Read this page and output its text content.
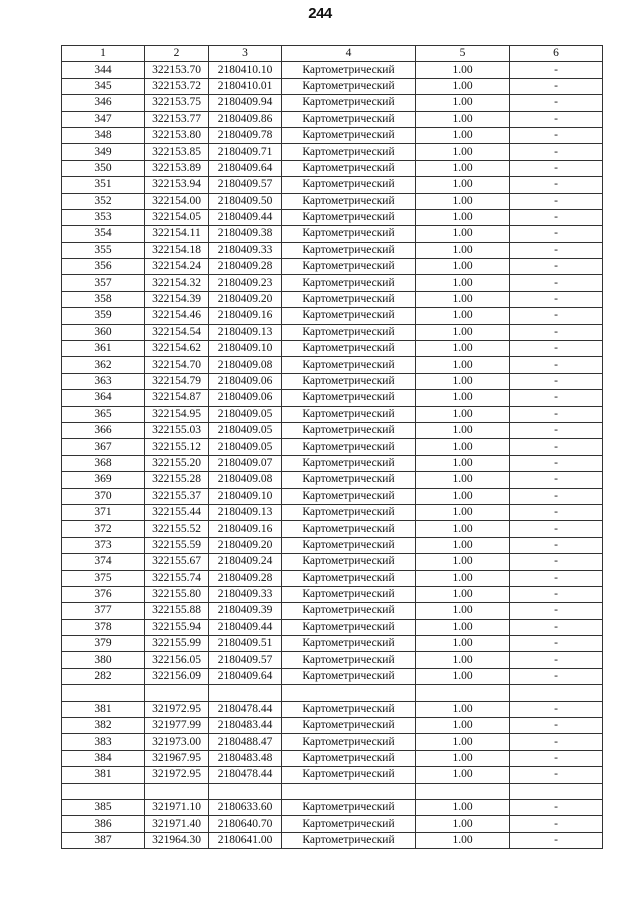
244
1	2	3	4	5	6
344	322153.70	2180410.10	Картометрический	1.00	-
345	322153.72	2180410.01	Картометрический	1.00	-
346	322153.75	2180409.94	Картометрический	1.00	-
347	322153.77	2180409.86	Картометрический	1.00	-
348	322153.80	2180409.78	Картометрический	1.00	-
349	322153.85	2180409.71	Картометрический	1.00	-
350	322153.89	2180409.64	Картометрический	1.00	-
351	322153.94	2180409.57	Картометрический	1.00	-
352	322154.00	2180409.50	Картометрический	1.00	-
353	322154.05	2180409.44	Картометрический	1.00	-
354	322154.11	2180409.38	Картометрический	1.00	-
355	322154.18	2180409.33	Картометрический	1.00	-
356	322154.24	2180409.28	Картометрический	1.00	-
357	322154.32	2180409.23	Картометрический	1.00	-
358	322154.39	2180409.20	Картометрический	1.00	-
359	322154.46	2180409.16	Картометрический	1.00	-
360	322154.54	2180409.13	Картометрический	1.00	-
361	322154.62	2180409.10	Картометрический	1.00	-
362	322154.70	2180409.08	Картометрический	1.00	-
363	322154.79	2180409.06	Картометрический	1.00	-
364	322154.87	2180409.06	Картометрический	1.00	-
365	322154.95	2180409.05	Картометрический	1.00	-
366	322155.03	2180409.05	Картометрический	1.00	-
367	322155.12	2180409.05	Картометрический	1.00	-
368	322155.20	2180409.07	Картометрический	1.00	-
369	322155.28	2180409.08	Картометрический	1.00	-
370	322155.37	2180409.10	Картометрический	1.00	-
371	322155.44	2180409.13	Картометрический	1.00	-
372	322155.52	2180409.16	Картометрический	1.00	-
373	322155.59	2180409.20	Картометрический	1.00	-
374	322155.67	2180409.24	Картометрический	1.00	-
375	322155.74	2180409.28	Картометрический	1.00	-
376	322155.80	2180409.33	Картометрический	1.00	-
377	322155.88	2180409.39	Картометрический	1.00	-
378	322155.94	2180409.44	Картометрический	1.00	-
379	322155.99	2180409.51	Картометрический	1.00	-
380	322156.05	2180409.57	Картометрический	1.00	-
282	322156.09	2180409.64	Картометрический	1.00	-

381	321972.95	2180478.44	Картометрический	1.00	-
382	321977.99	2180483.44	Картометрический	1.00	-
383	321973.00	2180488.47	Картометрический	1.00	-
384	321967.95	2180483.48	Картометрический	1.00	-
381	321972.95	2180478.44	Картометрический	1.00	-

385	321971.10	2180633.60	Картометрический	1.00	-
386	321971.40	2180640.70	Картометрический	1.00	-
387	321964.30	2180641.00	Картометрический	1.00	-
